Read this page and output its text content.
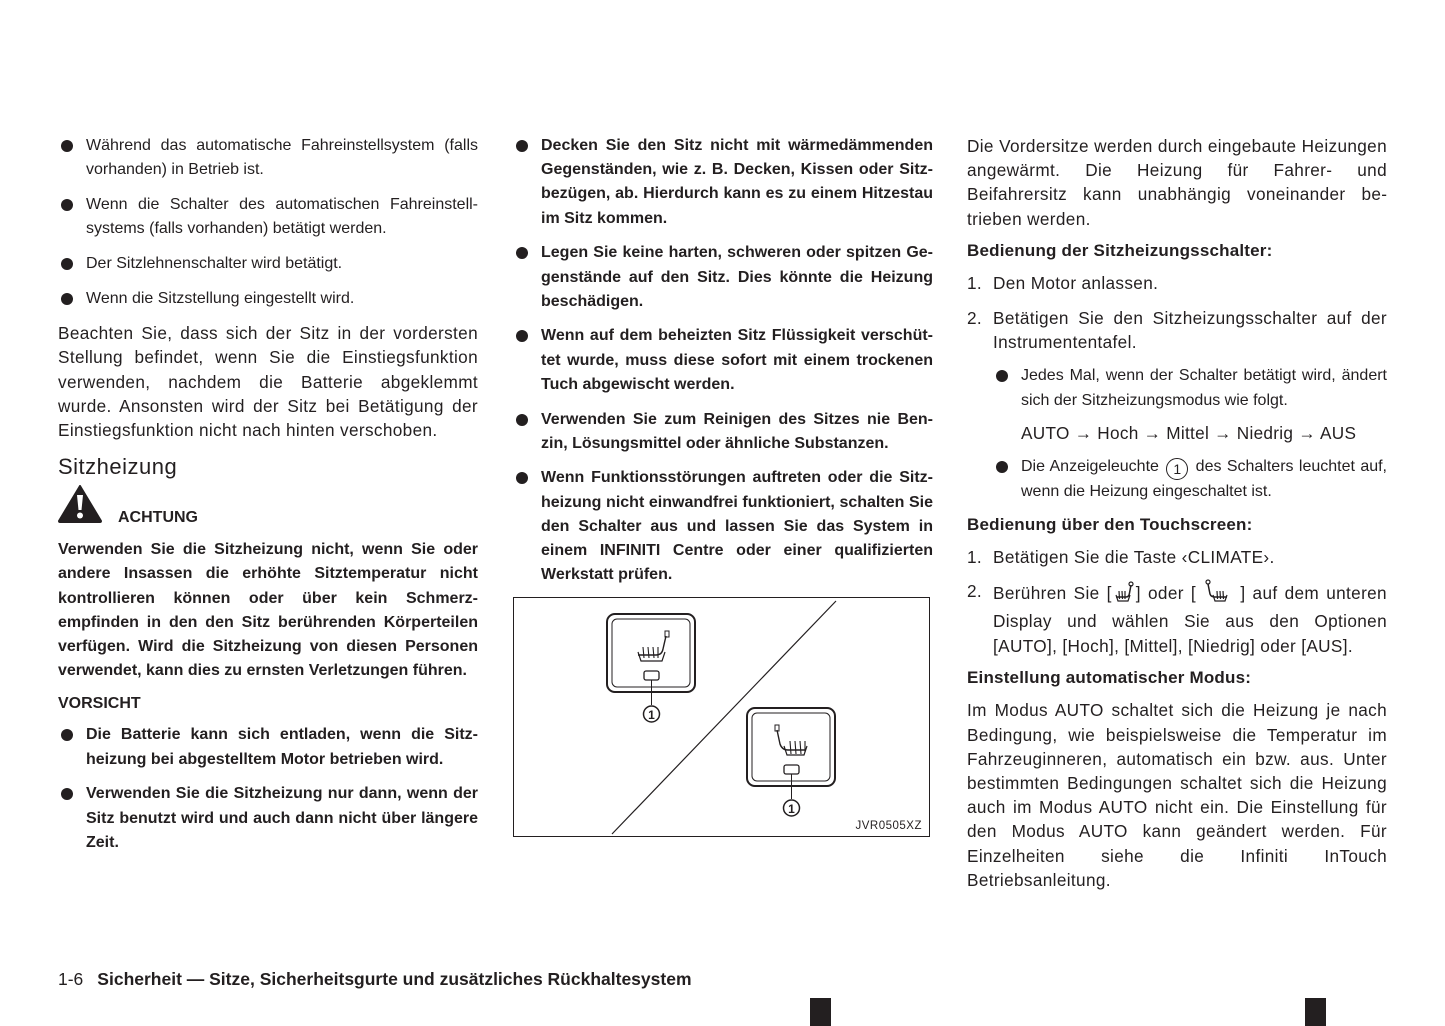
Während das automatische Fahreinstellsystem (falls vorhanden) in Betrieb ist.
Wenn die Schalter des automatischen Fahreinstellsystems (falls vorhanden) betätigt werden.
Der Sitzlehnenschalter wird betätigt.
Wenn die Sitzstellung eingestellt wird.

Beachten Sie, dass sich der Sitz in der vordersten Stellung befindet, wenn Sie die Einstiegsfunktion verwenden, nachdem die Batterie abgeklemmt wurde. Ansonsten wird der Sitz bei Betätigung der Einstiegsfunktion nicht nach hinten verschoben.

Sitzheizung
ACHTUNG

Verwenden Sie die Sitzheizung nicht, wenn Sie oder andere Insassen die erhöhte Sitztemperatur nicht kontrollieren können oder über kein Schmerzempfinden in den den Sitz berührenden Körperteilen verfügen. Wird die Sitzheizung von diesen Personen verwendet, kann dies zu ernsten Verletzungen führen.

VORSICHT
Die Batterie kann sich entladen, wenn die Sitzheizung bei abgestelltem Motor betrieben wird.
Verwenden Sie die Sitzheizung nur dann, wenn der Sitz benutzt wird und auch dann nicht über längere Zeit.
Decken Sie den Sitz nicht mit wärmedämmenden Gegenständen, wie z. B. Decken, Kissen oder Sitzbezügen, ab. Hierdurch kann es zu einem Hitzestau im Sitz kommen.
Legen Sie keine harten, schweren oder spitzen Gegenstände auf den Sitz. Dies könnte die Heizung beschädigen.
Wenn auf dem beheizten Sitz Flüssigkeit verschüttet wurde, muss diese sofort mit einem trockenen Tuch abgewischt werden.
Verwenden Sie zum Reinigen des Sitzes nie Benzin, Lösungsmittel oder ähnliche Substanzen.
Wenn Funktionsstörungen auftreten oder die Sitzheizung nicht einwandfrei funktioniert, schalten Sie den Schalter aus und lassen Sie das System in einem INFINITI Centre oder einer qualifizierten Werkstatt prüfen.
1
1
JVR0505XZ

Die Vordersitze werden durch eingebaute Heizungen angewärmt. Die Heizung für Fahrer- und Beifahrersitz kann unabhängig voneinander betrieben werden.

Bedienung der Sitzheizungsschalter:
1. Den Motor anlassen.
2. Betätigen Sie den Sitzheizungsschalter auf der Instrumententafel.
Jedes Mal, wenn der Schalter betätigt wird, ändert sich der Sitzheizungsmodus wie folgt.
AUTO → Hoch → Mittel → Niedrig → AUS
Die Anzeigeleuchte 1 des Schalters leuchtet auf, wenn die Heizung eingeschaltet ist.
Bedienung über den Touchscreen:
1. Betätigen Sie die Taste ‹CLIMATE›.
2. Berühren Sie [ ] oder [	] auf dem unteren Display und wählen Sie aus den Optionen [AUTO], [Hoch], [Mittel], [Niedrig] oder [AUS].
Einstellung automatischer Modus:

Im Modus AUTO schaltet sich die Heizung je nach Bedingung, wie beispielsweise die Temperatur im Fahrzeuginneren, automatisch ein bzw. aus. Unter bestimmten Bedingungen schaltet sich die Heizung auch im Modus AUTO nicht ein. Die Einstellung für den Modus AUTO kann geändert werden. Für Einzelheiten siehe die Infiniti InTouch Betriebsanleitung.

1-6 Sicherheit — Sitze, Sicherheitsgurte und zusätzliches Rückhaltesystem
